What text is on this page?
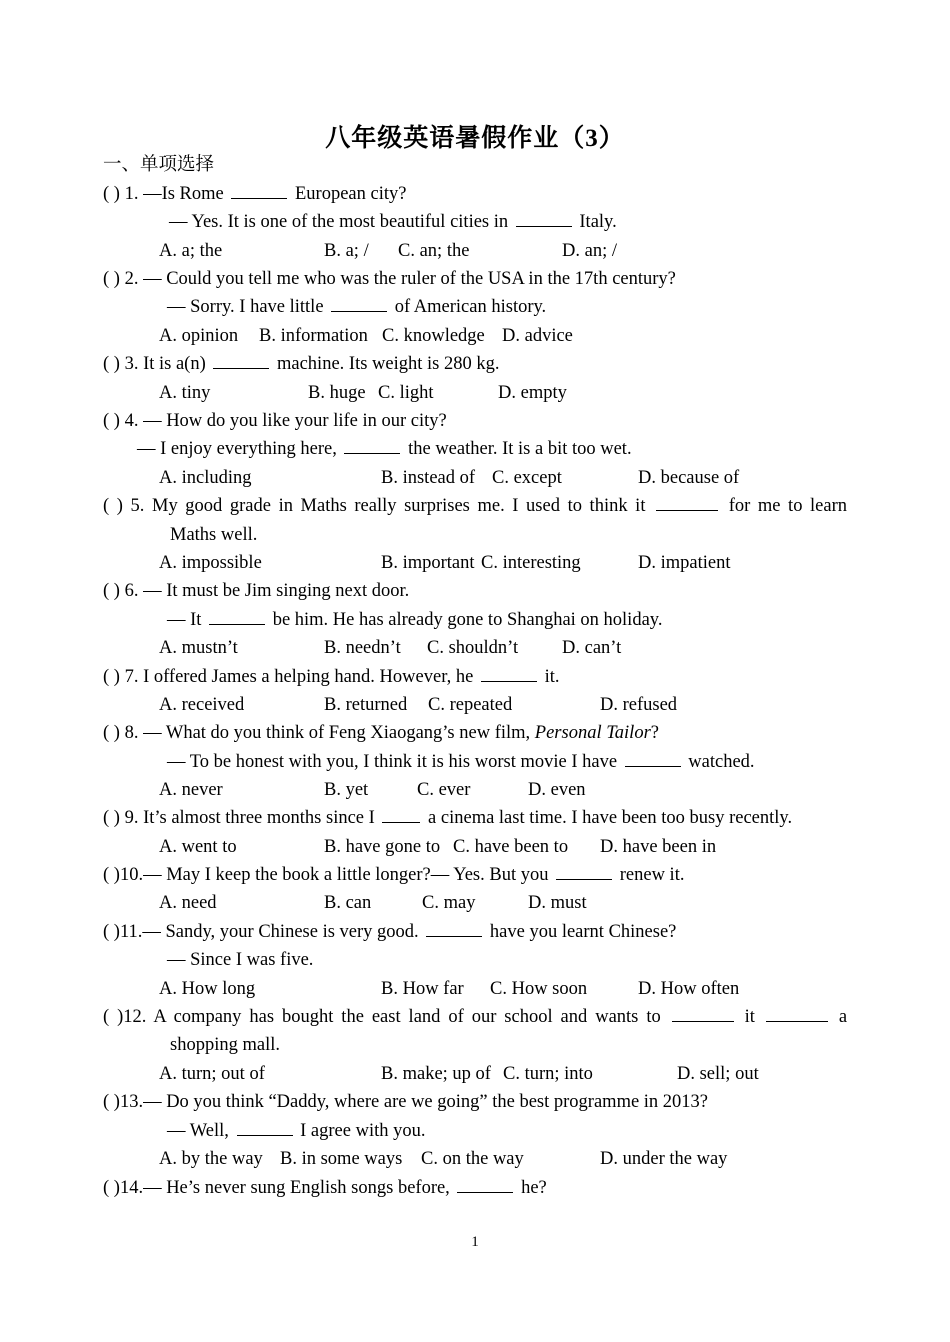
八年级英语暑假作业（3）
一、单项选择
( ) 1. —Is Rome	European city?
— Yes. It is one of the most beautiful cities in	Italy.
A. a; the	B. a; / C. an; the	D. an; /
( ) 2. — Could you tell me who was the ruler of the USA in the 17th century?
— Sorry. I have little	of American history.
A. opinion B. information C. knowledge D. advice
( ) 3. It is a(n)	machine. Its weight is 280 kg.
A. tiny	B. huge C. light	D. empty
( ) 4. — How do you like your life in our city?
— I enjoy everything here,	the weather. It is a bit too wet.
A. including	B. instead of C. except	D. because of
( ) 5. My good grade in Maths really surprises me. I used to think it	for me to learn
Maths well.
A. impossible	B. important C. interesting	D. impatient
( ) 6. — It must be Jim singing next door.
— It	be him. He has already gone to Shanghai on holiday.
A. mustn’t	B. needn’t C. shouldn’t D. can’t
( ) 7. I offered James a helping hand. However, he	it.
A. received	B. returned C. repeated	D. refused
( ) 8. — What do you think of Feng Xiaogang’s new film, Personal Tailor?
— To be honest with you, I think it is his worst movie I have	watched.
A. never	B. yet	C. ever	D. even
( ) 9. It’s almost three months since I  a cinema last time. I have been too busy recently.
A. went to	B. have gone to C. have been to D. have been in
( )10.— May I keep the book a little longer?— Yes. But you	renew it.
A. need	B. can	C. may	D. must
( )11.— Sandy, your Chinese is very good.	have you learnt Chinese?
— Since I was five.
A. How long	B. How far C. How soon	D. How often
( )12. A company has bought the east land of our school and wants to	it	a
shopping mall.
A. turn; out of	B. make; up of C. turn; into	D. sell; out
( )13.— Do you think “Daddy, where are we going” the best programme in 2013?
— Well,	I agree with you.
A. by the way B. in some ways C. on the way	D. under the way
( )14.— He’s never sung English songs before,	he?
1
